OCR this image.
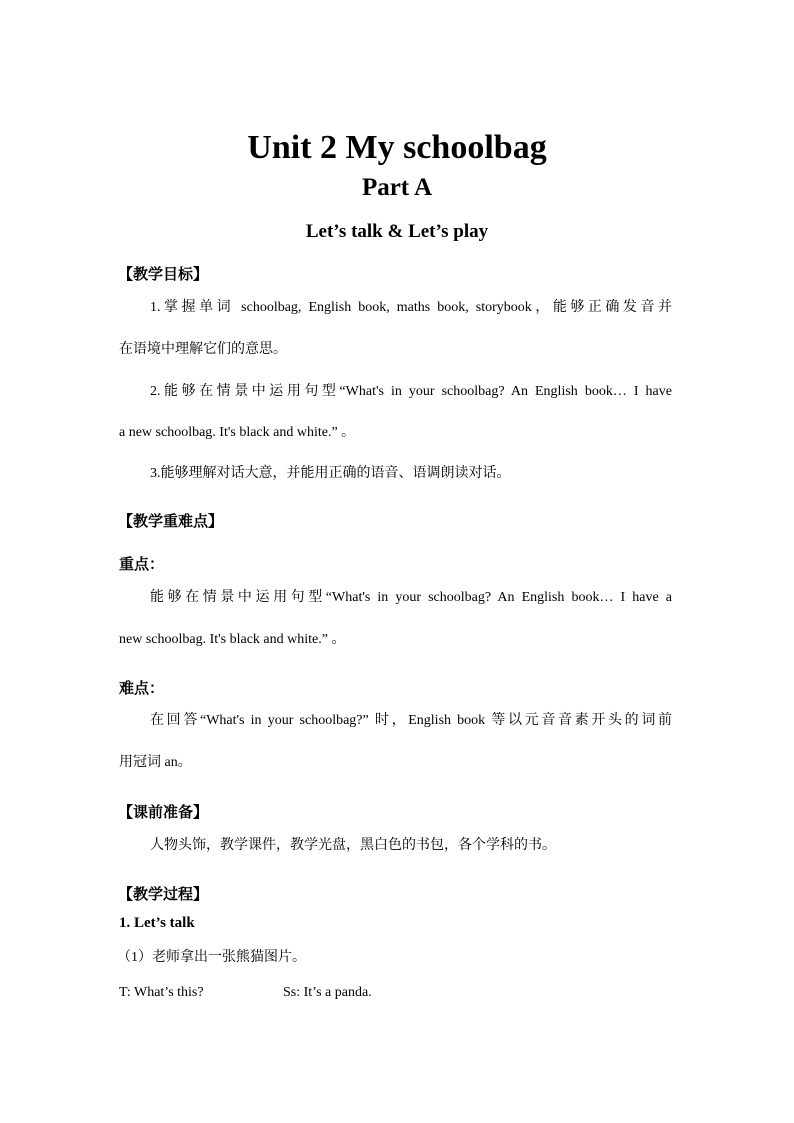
Unit 2 My schoolbag
Part A
Let’s talk & Let’s play
【教学目标】
1.掌握单词 schoolbag, English book, maths book, storybook，能够正确发音并
在语境中理解它们的意思。
2.能够在情景中运用句型“What's in your schoolbag? An English book… I have
a new schoolbag. It's black and white.” 。
3.能够理解对话大意，并能用正确的语音、语调朗读对话。
【教学重难点】
重点：
能够在情景中运用句型“What's in your schoolbag? An English book… I have a
new schoolbag. It's black and white.” 。
难点：
在回答“What's in your schoolbag?” 时，English book 等以元音音素开头的词前
用冠词 an。
【课前准备】
人物头饰，教学课件，教学光盘，黑白色的书包，各个学科的书。
【教学过程】
1. Let’s talk
（1）老师拿出一张熊猫图片。
T: What’s this?	Ss: It’s a panda.
